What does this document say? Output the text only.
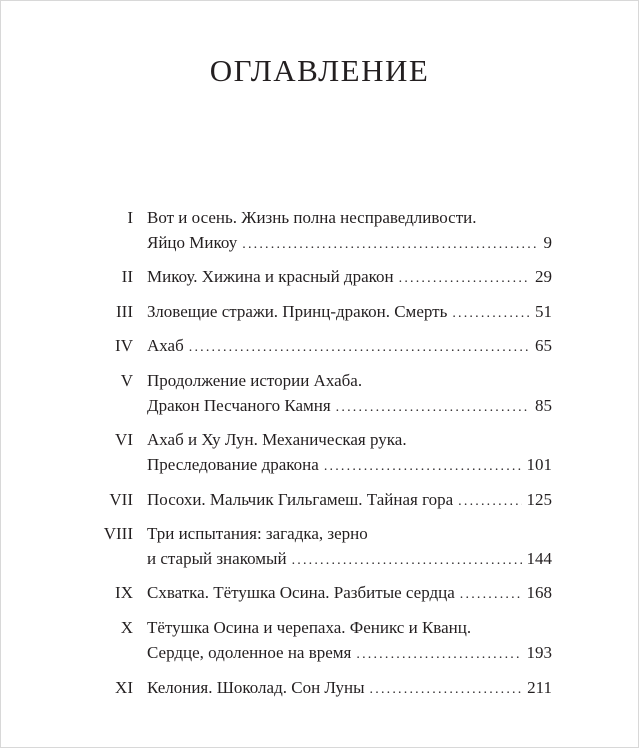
ОГЛАВЛЕНИЕ
I Вот и осень. Жизнь полна несправедливости.
Яйцо Микоу .....	9
II Микоу. Хижина и красный дракон .....	29
III Зловещие стражи. Принц-дракон. Смерть .....	51
IV Ахаб .....	65
V Продолжение истории Ахаба.
Дракон Песчаного Камня .....	85
VI Ахаб и Ху Лун. Механическая рука.
Преследование дракона .....	101
VII Посохи. Мальчик Гильгамеш. Тайная гора .....	125
VIII Три испытания: загадка, зерно
и старый знакомый .....	144
IX Схватка. Тётушка Осина. Разбитые сердца .....	168
X Тётушка Осина и черепаха. Феникс и Кванц.
Сердце, одоленное на время .....	193
XI Келония. Шоколад. Сон Луны .....	211
